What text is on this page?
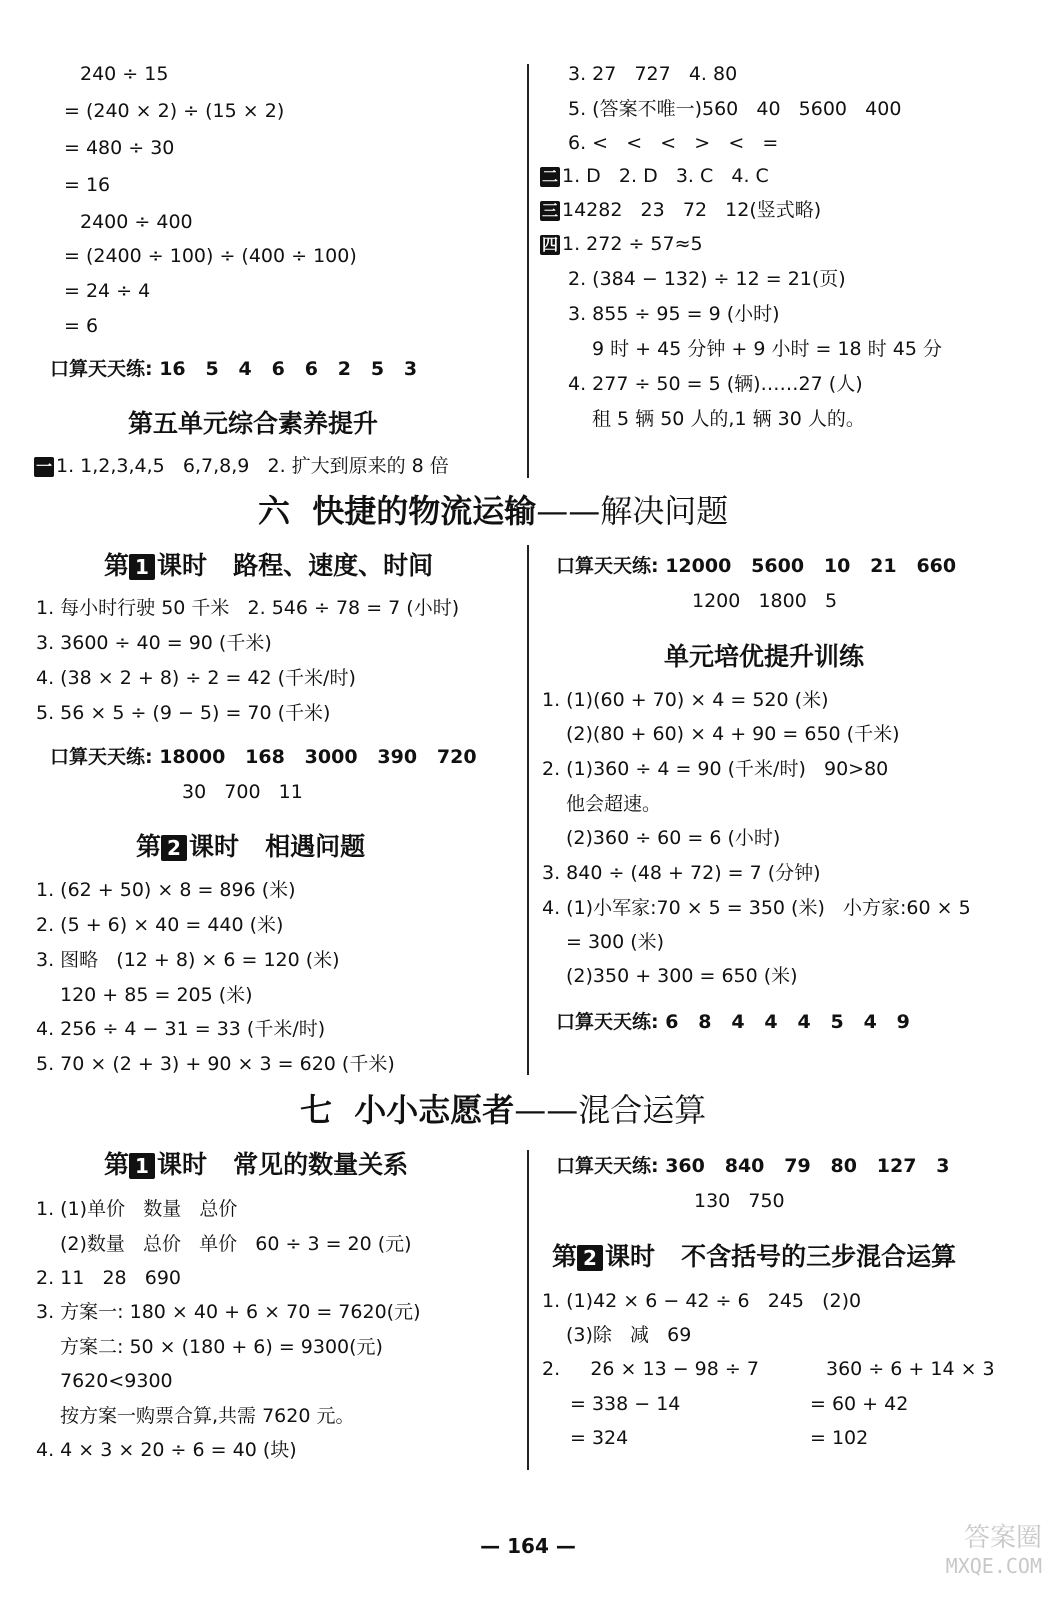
240 ÷ 15
= (240 × 2) ÷ (15 × 2)
= 480 ÷ 30
= 16
2400 ÷ 400
= (2400 ÷ 100) ÷ (400 ÷ 100)
= 24 ÷ 4
= 6
口算天天练: 16   5   4   6   6   2   5   3
第五单元综合素养提升
一 1. 1,2,3,4,5   6,7,8,9   2. 扩大到原来的 8 倍
3. 27   727   4. 80
5. (答案不唯一)560   40   5600   400
6. <   <   <   >   <   =
二 1. D   2. D   3. C   4. C
三 14282   23   72   12(竖式略)
四 1. 272 ÷ 57≈5
2. (384 − 132) ÷ 12 = 21(页)
3. 855 ÷ 95 = 9 (小时)
9 时 + 45 分钟 + 9 小时 = 18 时 45 分
4. 277 ÷ 50 = 5 (辆)……27 (人)
租 5 辆 50 人的,1 辆 30 人的。
六  快捷的物流运输——解决问题
第 1 课时   路程、速度、时间
1. 每小时行驶 50 千米   2. 546 ÷ 78 = 7 (小时)
3. 3600 ÷ 40 = 90 (千米)
4. (38 × 2 + 8) ÷ 2 = 42 (千米/时)
5. 56 × 5 ÷ (9 − 5) = 70 (千米)
口算天天练: 18000   168   3000   390   720
30   700   11
第 2 课时   相遇问题
1. (62 + 50) × 8 = 896 (米)
2. (5 + 6) × 40 = 440 (米)
3. 图略   (12 + 8) × 6 = 120 (米)
120 + 85 = 205 (米)
4. 256 ÷ 4 − 31 = 33 (千米/时)
5. 70 × (2 + 3) + 90 × 3 = 620 (千米)
口算天天练: 12000   5600   10   21   660
1200   1800   5
单元培优提升训练
1. (1)(60 + 70) × 4 = 520 (米)
(2)(80 + 60) × 4 + 90 = 650 (千米)
2. (1)360 ÷ 4 = 90 (千米/时)   90>80
他会超速。
(2)360 ÷ 60 = 6 (小时)
3. 840 ÷ (48 + 72) = 7 (分钟)
4. (1)小军家:70 × 5 = 350 (米)   小方家:60 × 5
= 300 (米)
(2)350 + 300 = 650 (米)
口算天天练: 6   8   4   4   4   5   4   9
七  小小志愿者——混合运算
第 1 课时   常见的数量关系
1. (1)单价   数量   总价
(2)数量   总价   单价   60 ÷ 3 = 20 (元)
2. 11   28   690
3. 方案一: 180 × 40 + 6 × 70 = 7620(元)
方案二: 50 × (180 + 6) = 9300(元)
7620<9300
按方案一购票合算,共需 7620 元。
4. 4 × 3 × 20 ÷ 6 = 40 (块)
口算天天练: 360   840   79   80   127   3
130   750
第 2 课时   不含括号的三步混合运算
1. (1)42 × 6 − 42 ÷ 6   245   (2)0
(3)除   减   69
2.     26 × 13 − 98 ÷ 7	360 ÷ 6 + 14 × 3
= 338 − 14	= 60 + 42
= 324	= 102
— 164 —	答案圈
MXQE.COM
